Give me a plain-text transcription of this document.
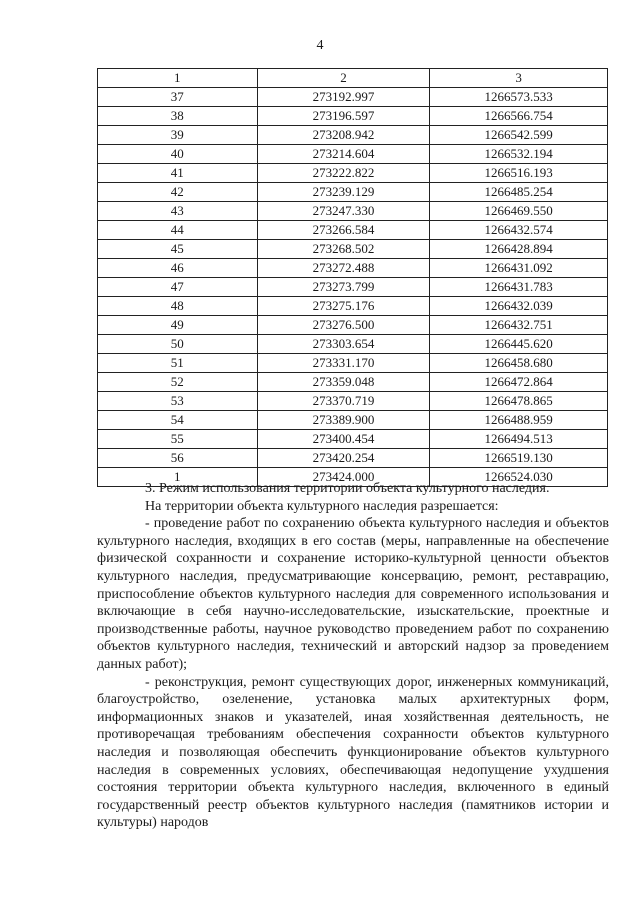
4
1	2	3
37	273192.997	1266573.533
38	273196.597	1266566.754
39	273208.942	1266542.599
40	273214.604	1266532.194
41	273222.822	1266516.193
42	273239.129	1266485.254
43	273247.330	1266469.550
44	273266.584	1266432.574
45	273268.502	1266428.894
46	273272.488	1266431.092
47	273273.799	1266431.783
48	273275.176	1266432.039
49	273276.500	1266432.751
50	273303.654	1266445.620
51	273331.170	1266458.680
52	273359.048	1266472.864
53	273370.719	1266478.865
54	273389.900	1266488.959
55	273400.454	1266494.513
56	273420.254	1266519.130
1	273424.000	1266524.030

3. Режим использования территории объекта культурного наследия.

На территории объекта культурного наследия разрешается:

- проведение работ по сохранению объекта культурного наследия и объектов культурного наследия, входящих в его состав (меры, направленные на обеспечение физической сохранности и сохранение историко-культурной ценности объектов культурного наследия, предусматривающие консервацию, ремонт, реставрацию, приспособление объектов культурного наследия для современного использования и включающие в себя научно-исследовательские, изыскательские, проектные и производственные работы, научное руководство проведением работ по сохранению объектов культурного наследия, технический и авторский надзор за проведением данных работ);

- реконструкция, ремонт существующих дорог, инженерных коммуникаций, благоустройство, озеленение, установка малых архитектурных форм, информационных знаков и указателей, иная хозяйственная деятельность, не противоречащая требованиям обеспечения сохранности объектов культурного наследия и позволяющая обеспечить функционирование объектов культурного наследия в современных условиях, обеспечивающая недопущение ухудшения состояния территории объекта культурного наследия, включенного в единый государственный реестр объектов культурного наследия (памятников истории и культуры) народов
